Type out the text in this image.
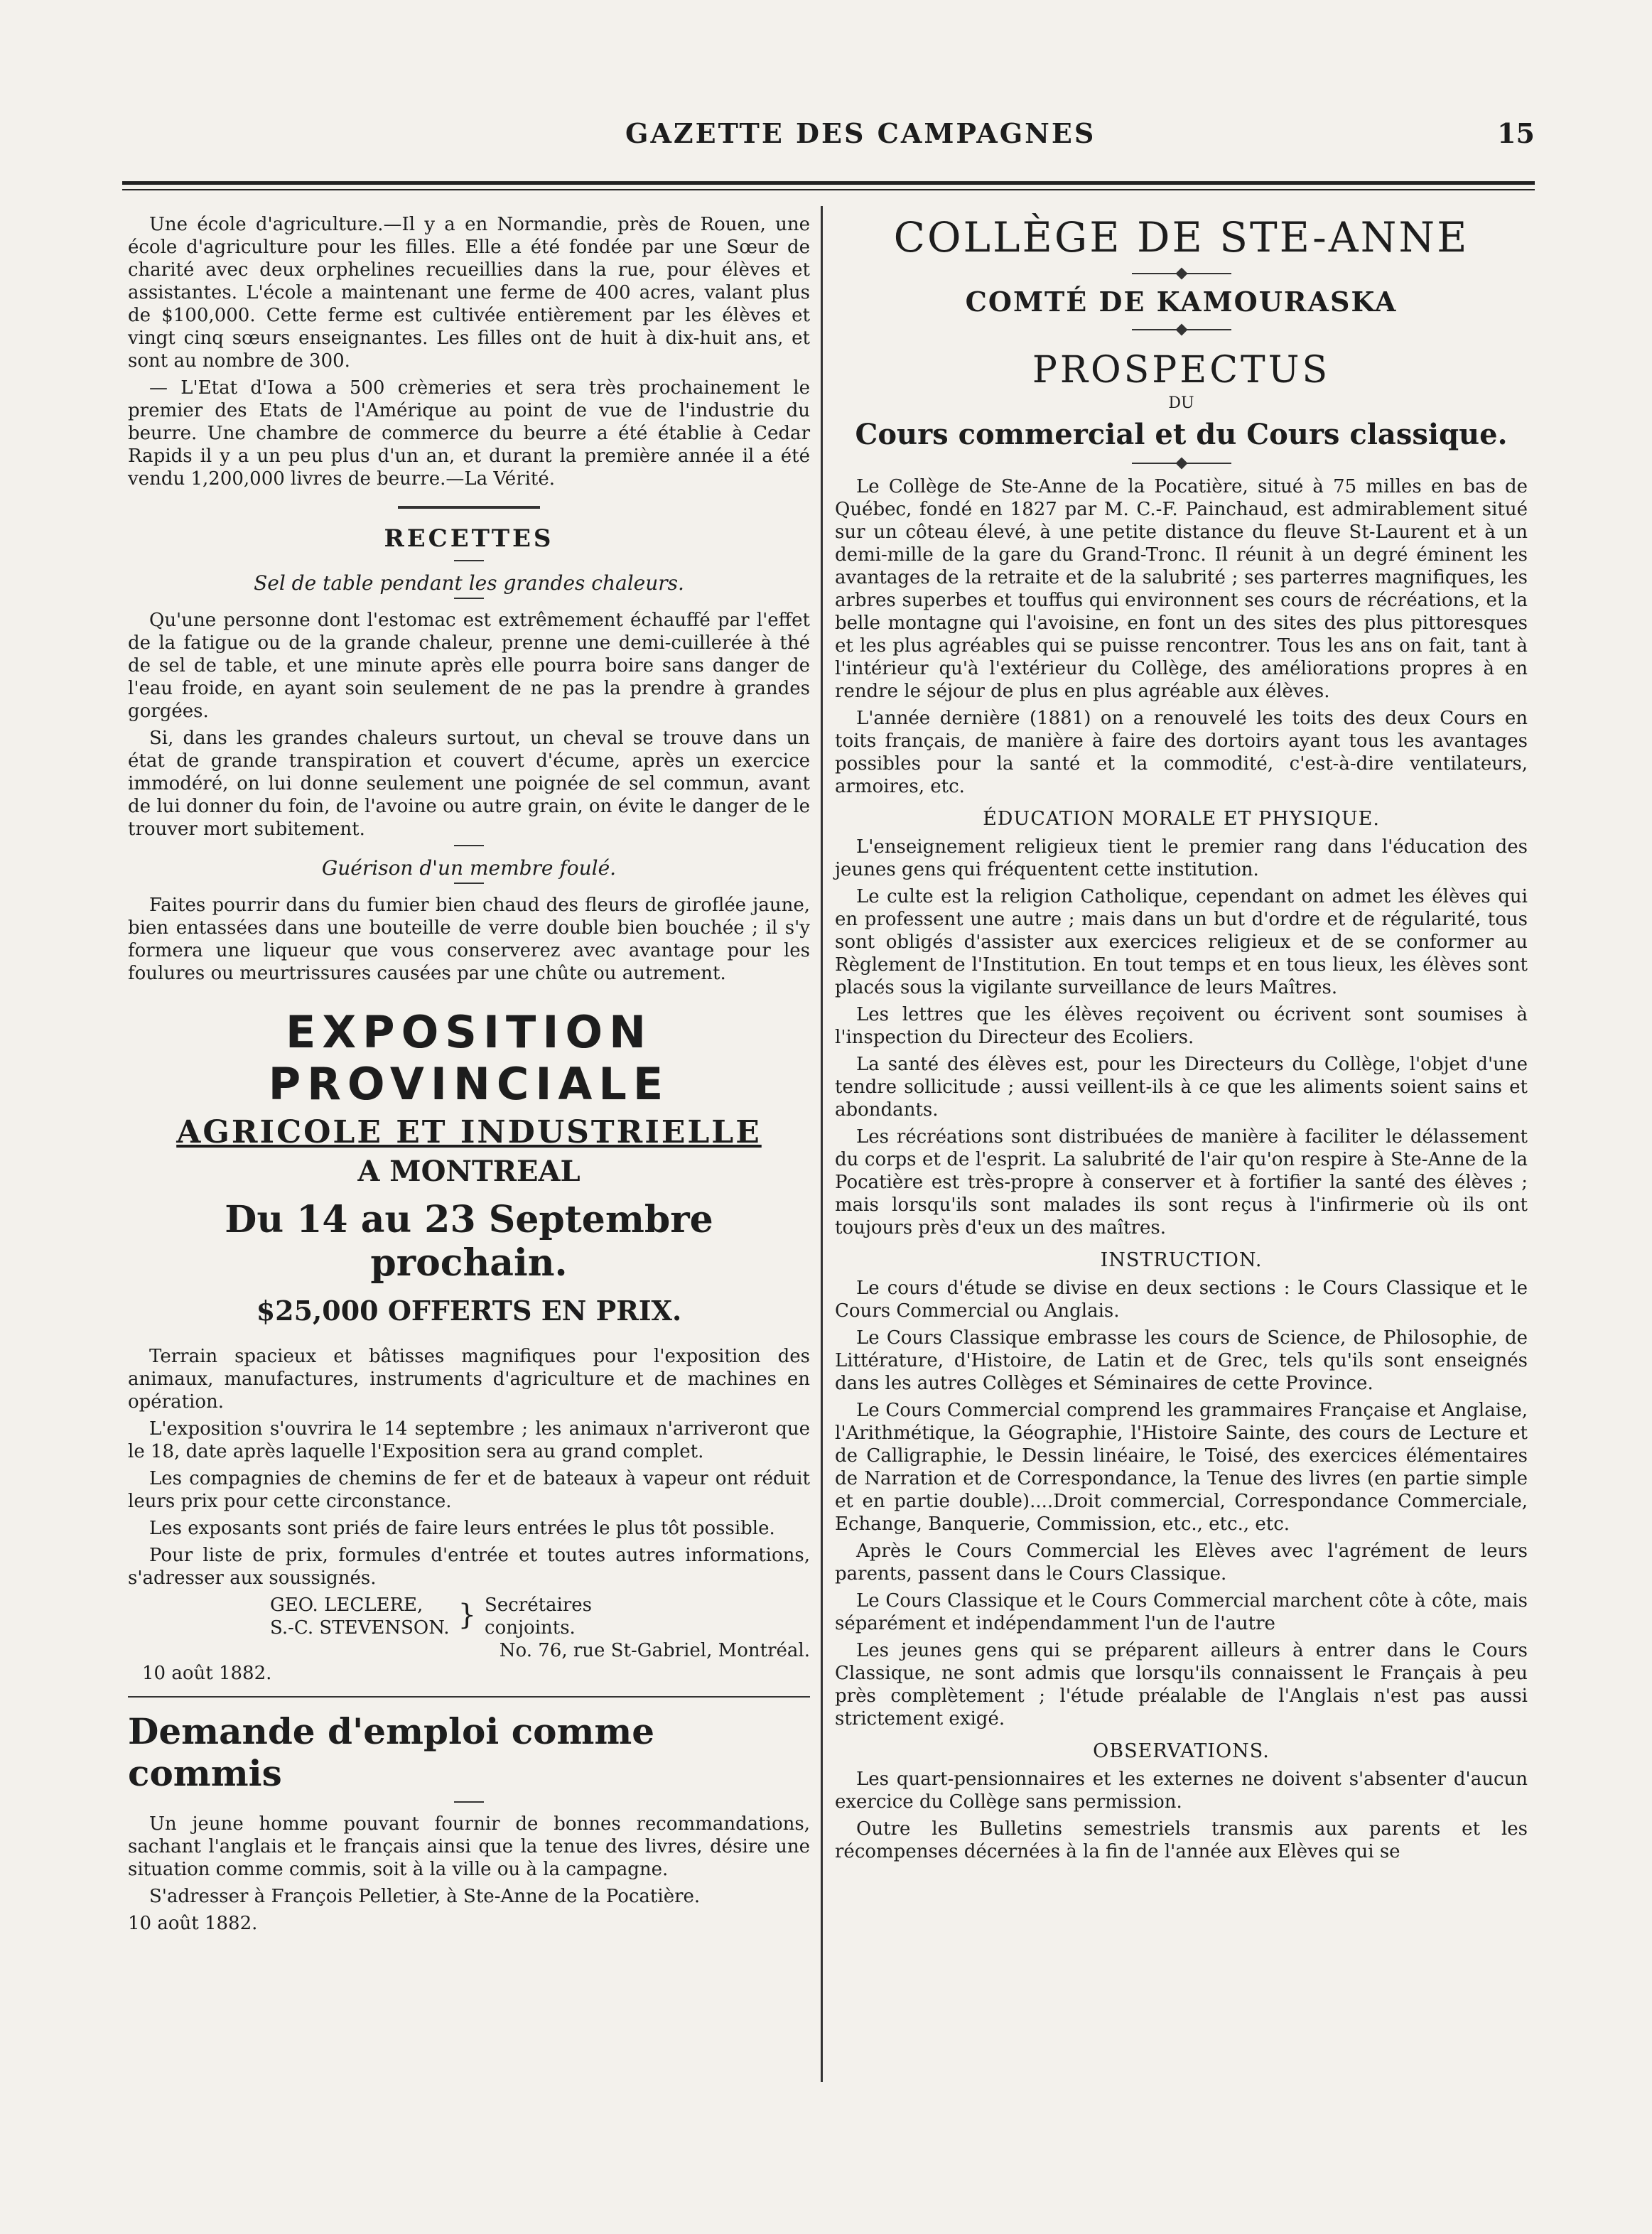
GAZETTE DES CAMPAGNES	15

Une école d'agriculture.—Il y a en Normandie, près de Rouen, une école d'agriculture pour les filles. Elle a été fondée par une Sœur de charité avec deux orphelines recueillies dans la rue, pour élèves et assistantes. L'école a maintenant une ferme de 400 acres, valant plus de $100,000. Cette ferme est cultivée entièrement par les élèves et vingt cinq sœurs enseignantes. Les filles ont de huit à dix-huit ans, et sont au nombre de 300.

— L'Etat d'Iowa a 500 crèmeries et sera très prochainement le premier des Etats de l'Amérique au point de vue de l'industrie du beurre. Une chambre de commerce du beurre a été établie à Cedar Rapids il y a un peu plus d'un an, et durant la première année il a été vendu 1,200,000 livres de beurre.—La Vérité.

RECETTES
Sel de table pendant les grandes chaleurs.

Qu'une personne dont l'estomac est extrêmement échauffé par l'effet de la fatigue ou de la grande chaleur, prenne une demi-cuillerée à thé de sel de table, et une minute après elle pourra boire sans danger de l'eau froide, en ayant soin seulement de ne pas la prendre à grandes gorgées.

Si, dans les grandes chaleurs surtout, un cheval se trouve dans un état de grande transpiration et couvert d'écume, après un exercice immodéré, on lui donne seulement une poignée de sel commun, avant de lui donner du foin, de l'avoine ou autre grain, on évite le danger de le trouver mort subitement.

Guérison d'un membre foulé.

Faites pourrir dans du fumier bien chaud des fleurs de giroflée jaune, bien entassées dans une bouteille de verre double bien bouchée ; il s'y formera une liqueur que vous conserverez avec avantage pour les foulures ou meurtrissures causées par une chûte ou autrement.

EXPOSITION PROVINCIALE
AGRICOLE ET INDUSTRIELLE
A MONTREAL
Du 14 au 23 Septembre prochain.
$25,000 OFFERTS EN PRIX.

Terrain spacieux et bâtisses magnifiques pour l'exposition des animaux, manufactures, instruments d'agriculture et de machines en opération.

L'exposition s'ouvrira le 14 septembre ; les animaux n'arriveront que le 18, date après laquelle l'Exposition sera au grand complet.

Les compagnies de chemins de fer et de bateaux à vapeur ont réduit leurs prix pour cette circonstance.

Les exposants sont priés de faire leurs entrées le plus tôt possible.

Pour liste de prix, formules d'entrée et toutes autres informations, s'adresser aux soussignés.

GEO. LECLERE,
S.-C. STEVENSON. } Secrétaires
conjoints.
No. 76, rue St-Gabriel, Montréal.
10 août 1882.
Demande d'emploi comme commis

Un jeune homme pouvant fournir de bonnes recommandations, sachant l'anglais et le français ainsi que la tenue des livres, désire une situation comme commis, soit à la ville ou à la campagne.

S'adresser à François Pelletier, à Ste-Anne de la Pocatière.

10 août 1882.
COLLÈGE DE STE-ANNE
COMTÉ DE KAMOURASKA
PROSPECTUS
DU
Cours commercial et du Cours classique.

Le Collège de Ste-Anne de la Pocatière, situé à 75 milles en bas de Québec, fondé en 1827 par M. C.-F. Painchaud, est admirablement situé sur un côteau élevé, à une petite distance du fleuve St-Laurent et à un demi-mille de la gare du Grand-Tronc. Il réunit à un degré éminent les avantages de la retraite et de la salubrité ; ses parterres magnifiques, les arbres superbes et touffus qui environnent ses cours de récréations, et la belle montagne qui l'avoisine, en font un des sites des plus pittoresques et les plus agréables qui se puisse rencontrer. Tous les ans on fait, tant à l'intérieur qu'à l'extérieur du Collège, des améliorations propres à en rendre le séjour de plus en plus agréable aux élèves.

L'année dernière (1881) on a renouvelé les toits des deux Cours en toits français, de manière à faire des dortoirs ayant tous les avantages possibles pour la santé et la commodité, c'est-à-dire ventilateurs, armoires, etc.

ÉDUCATION MORALE ET PHYSIQUE.

L'enseignement religieux tient le premier rang dans l'éducation des jeunes gens qui fréquentent cette institution.

Le culte est la religion Catholique, cependant on admet les élèves qui en professent une autre ; mais dans un but d'ordre et de régularité, tous sont obligés d'assister aux exercices religieux et de se conformer au Règlement de l'Institution. En tout temps et en tous lieux, les élèves sont placés sous la vigilante surveillance de leurs Maîtres.

Les lettres que les élèves reçoivent ou écrivent sont soumises à l'inspection du Directeur des Ecoliers.

La santé des élèves est, pour les Directeurs du Collège, l'objet d'une tendre sollicitude ; aussi veillent-ils à ce que les aliments soient sains et abondants.

Les récréations sont distribuées de manière à faciliter le délassement du corps et de l'esprit. La salubrité de l'air qu'on respire à Ste-Anne de la Pocatière est très-propre à conserver et à fortifier la santé des élèves ; mais lorsqu'ils sont malades ils sont reçus à l'infirmerie où ils ont toujours près d'eux un des maîtres.

INSTRUCTION.

Le cours d'étude se divise en deux sections : le Cours Classique et le Cours Commercial ou Anglais.

Le Cours Classique embrasse les cours de Science, de Philosophie, de Littérature, d'Histoire, de Latin et de Grec, tels qu'ils sont enseignés dans les autres Collèges et Séminaires de cette Province.

Le Cours Commercial comprend les grammaires Française et Anglaise, l'Arithmétique, la Géographie, l'Histoire Sainte, des cours de Lecture et de Calligraphie, le Dessin linéaire, le Toisé, des exercices élémentaires de Narration et de Correspondance, la Tenue des livres (en partie simple et en partie double)....Droit commercial, Correspondance Commerciale, Echange, Banquerie, Commission, etc., etc., etc.

Après le Cours Commercial les Elèves avec l'agrément de leurs parents, passent dans le Cours Classique.

Le Cours Classique et le Cours Commercial marchent côte à côte, mais séparément et indépendamment l'un de l'autre

Les jeunes gens qui se préparent ailleurs à entrer dans le Cours Classique, ne sont admis que lorsqu'ils connaissent le Français à peu près complètement ; l'étude préalable de l'Anglais n'est pas aussi strictement exigé.

OBSERVATIONS.

Les quart-pensionnaires et les externes ne doivent s'absenter d'aucun exercice du Collège sans permission.

Outre les Bulletins semestriels transmis aux parents et les récompenses décernées à la fin de l'année aux Elèves qui se
